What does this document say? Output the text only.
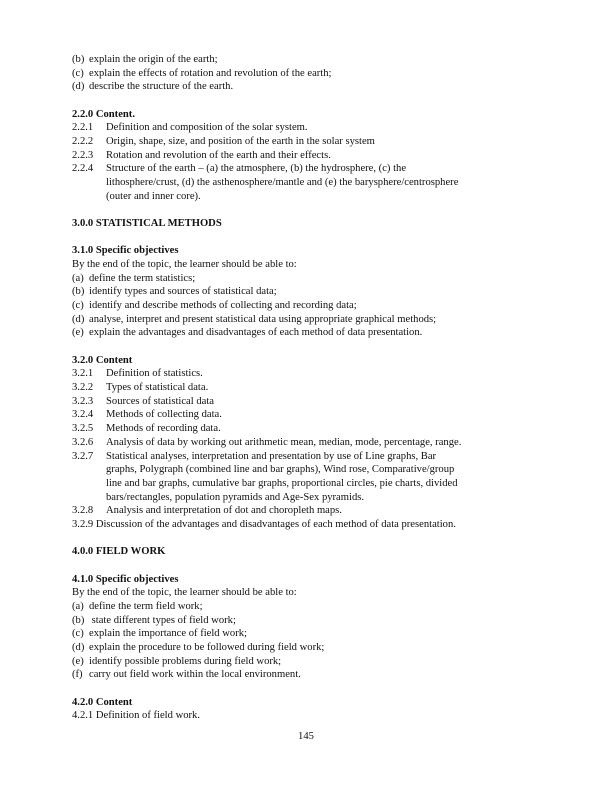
(b) explain the origin of the earth;
(c) explain the effects of rotation and revolution of the earth;
(d) describe the structure of the earth.
2.2.0 Content.
2.2.1 Definition and composition of the solar system.
2.2.2 Origin, shape, size, and position of the earth in the solar system
2.2.3 Rotation and revolution of the earth and their effects.
2.2.4 Structure of the earth – (a) the atmosphere, (b) the hydrosphere, (c) the
lithosphere/crust, (d) the asthenosphere/mantle and (e) the barysphere/centrosphere
(outer and inner core).
3.0.0 STATISTICAL METHODS
3.1.0 Specific objectives
By the end of the topic, the learner should be able to:
(a) define the term statistics;
(b) identify types and sources of statistical data;
(c) identify and describe methods of collecting and recording data;
(d) analyse, interpret and present statistical data using appropriate graphical methods;
(e) explain the advantages and disadvantages of each method of data presentation.
3.2.0 Content
3.2.1 Definition of statistics.
3.2.2 Types of statistical data.
3.2.3 Sources of statistical data
3.2.4 Methods of collecting data.
3.2.5 Methods of recording data.
3.2.6 Analysis of data by working out arithmetic mean, median, mode, percentage, range.
3.2.7 Statistical analyses, interpretation and presentation by use of Line graphs, Bar
graphs, Polygraph (combined line and bar graphs), Wind rose, Comparative/group
line and bar graphs, cumulative bar graphs, proportional circles, pie charts, divided
bars/rectangles, population pyramids and Age-Sex pyramids.
3.2.8 Analysis and interpretation of dot and choropleth maps.
3.2.9 Discussion of the advantages and disadvantages of each method of data presentation.
4.0.0 FIELD WORK
4.1.0 Specific objectives
By the end of the topic, the learner should be able to:
(a) define the term field work;
(b) state different types of field work;
(c) explain the importance of field work;
(d) explain the procedure to be followed during field work;
(e) identify possible problems during field work;
(f) carry out field work within the local environment.
4.2.0 Content
4.2.1 Definition of field work.
145
